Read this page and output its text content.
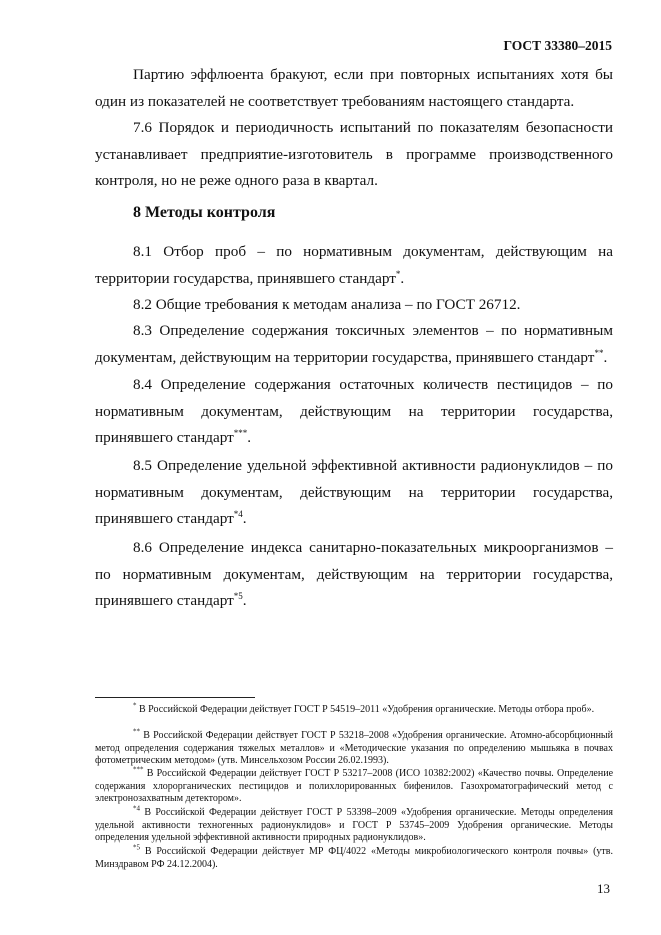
ГОСТ 33380–2015

Партию эффлюента бракуют, если при повторных испытаниях хотя бы один из показателей не соответствует требованиям настоящего стандарта.

7.6 Порядок и периодичность испытаний по показателям безопасности устанавливает предприятие-изготовитель в программе производственного контроля, но не реже одного раза в квартал.

8 Методы контроля

8.1 Отбор проб – по нормативным документам, действующим на территории государства, принявшего стандарт*.

8.2 Общие требования к методам анализа – по ГОСТ 26712.

8.3 Определение содержания токсичных элементов – по нормативным документам, действующим на территории государства, принявшего стандарт**.

8.4 Определение содержания остаточных количеств пестицидов – по нормативным документам, действующим на территории государства, принявшего стандарт***.

8.5 Определение удельной эффективной активности радионуклидов – по нормативным документам, действующим на территории государства, принявшего стандарт$^{*4}$.

8.6 Определение индекса санитарно-показательных микроорганизмов – по нормативным документам, действующим на территории государства, принявшего стандарт$^{*5}$.

* В Российской Федерации действует ГОСТ Р 54519–2011 «Удобрения органические. Методы отбора проб».

** В Российской Федерации действует ГОСТ Р 53218–2008 «Удобрения органические. Атомно-абсорбционный метод определения содержания тяжелых металлов» и «Методические указания по определению мышьяка в почвах фотометрическим методом» (утв. Минсельхозом России 26.02.1993).

*** В Российской Федерации действует ГОСТ Р 53217–2008 (ИСО 10382:2002) «Качество почвы. Определение содержания хлорорганических пестицидов и полихлорированных бифенилов. Газохроматографический метод с электронозахватным детектором».

$^{*4}$ В Российской Федерации действует ГОСТ Р 53398–2009 «Удобрения органические. Методы определения удельной активности техногенных радионуклидов» и ГОСТ Р 53745–2009 Удобрения органические. Методы определения удельной эффективной активности природных радионуклидов».

$^{*5}$ В Российской Федерации действует МР ФЦ/4022 «Методы микробиологического контроля почвы» (утв. Минздравом РФ 24.12.2004).

13
